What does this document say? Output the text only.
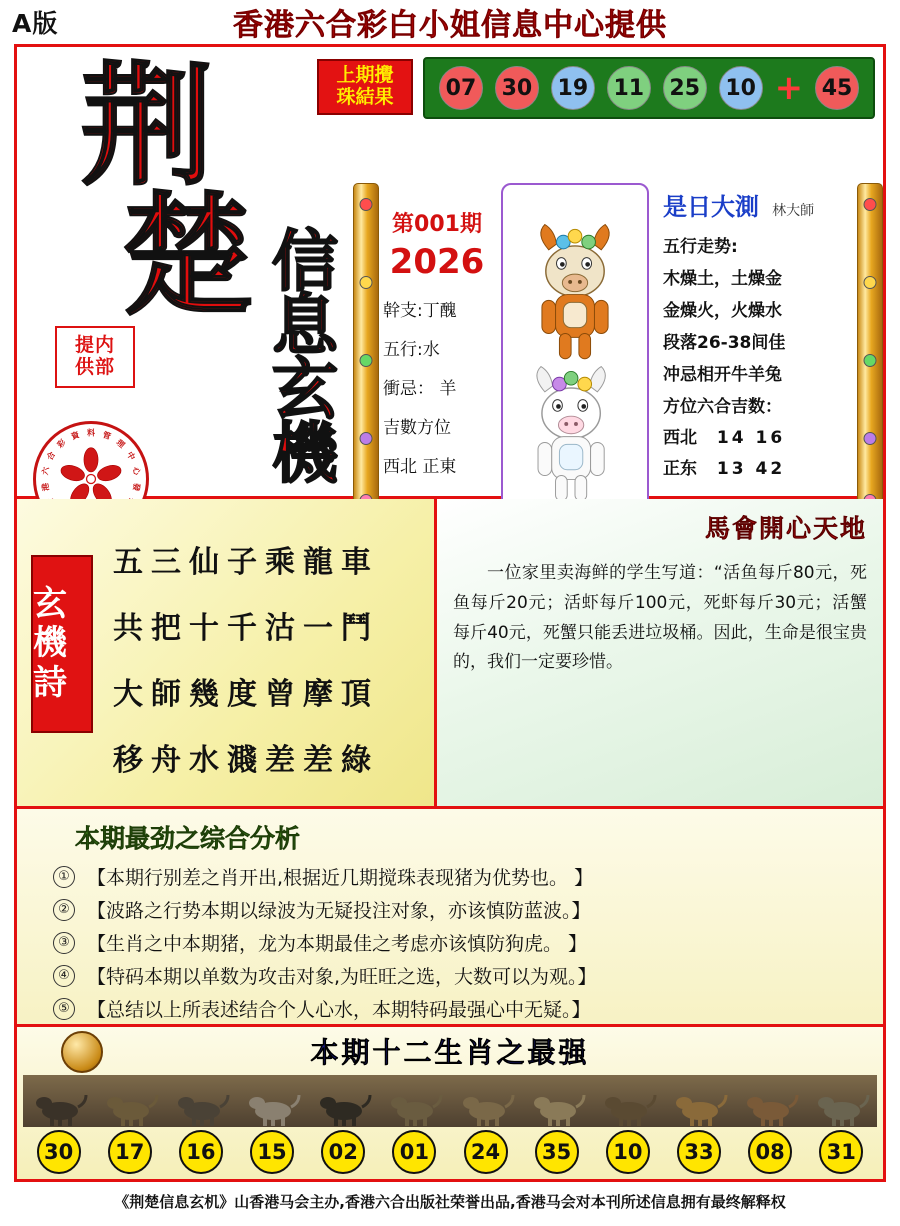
A版	香港六合彩白小姐信息中心提供
荆
楚
提内
供部
港
六
合
彩
資 料 管
理
中
心
發
信息玄機
上期攪
珠結果	07	30	19	11	25	10 + 45
第001期
2026
幹支:丁醜
五行:水
衝忌： 羊
吉數方位
西北 正東
是日大測 林大師
五行走势:
木燥土，土燥金
金燥火，火燥水
段落26-38间佳
冲忌相开牛羊兔
方位六合吉数：
西北 14 16
正东 13 42
玄機詩
五三仙子乘龍車
共把十千沽一鬥
大師幾度曾摩頂
移舟水濺差差綠
馬會開心天地
一位家里卖海鲜的学生写道：“活鱼每斤80元，死鱼每斤20元；活虾每斤100元，死虾每斤30元；活蟹每斤40元，死蟹只能丢进垃圾桶。因此，生命是很宝贵的，我们一定要珍惜。
本期最劲之综合分析
① 【本期行别差之肖开出,根据近几期搅珠表现猪为优势也。 】
② 【波路之行势本期以绿波为无疑投注对象，亦该慎防蓝波。】
③ 【生肖之中本期猪，龙为本期最佳之考虑亦该慎防狗虎。 】
④ 【特码本期以单数为攻击对象,为旺旺之选，大数可以为观。】
⑤ 【总结以上所表述结合个人心水，本期特码最强心中无疑。】
本期十二生肖之最强
30	17	16	15	02	01	24	35	10	33	08	31
《荆楚信息玄机》山香港马会主办,香港六合出版社荣誉出品,香港马会对本刊所述信息拥有最终解释权
